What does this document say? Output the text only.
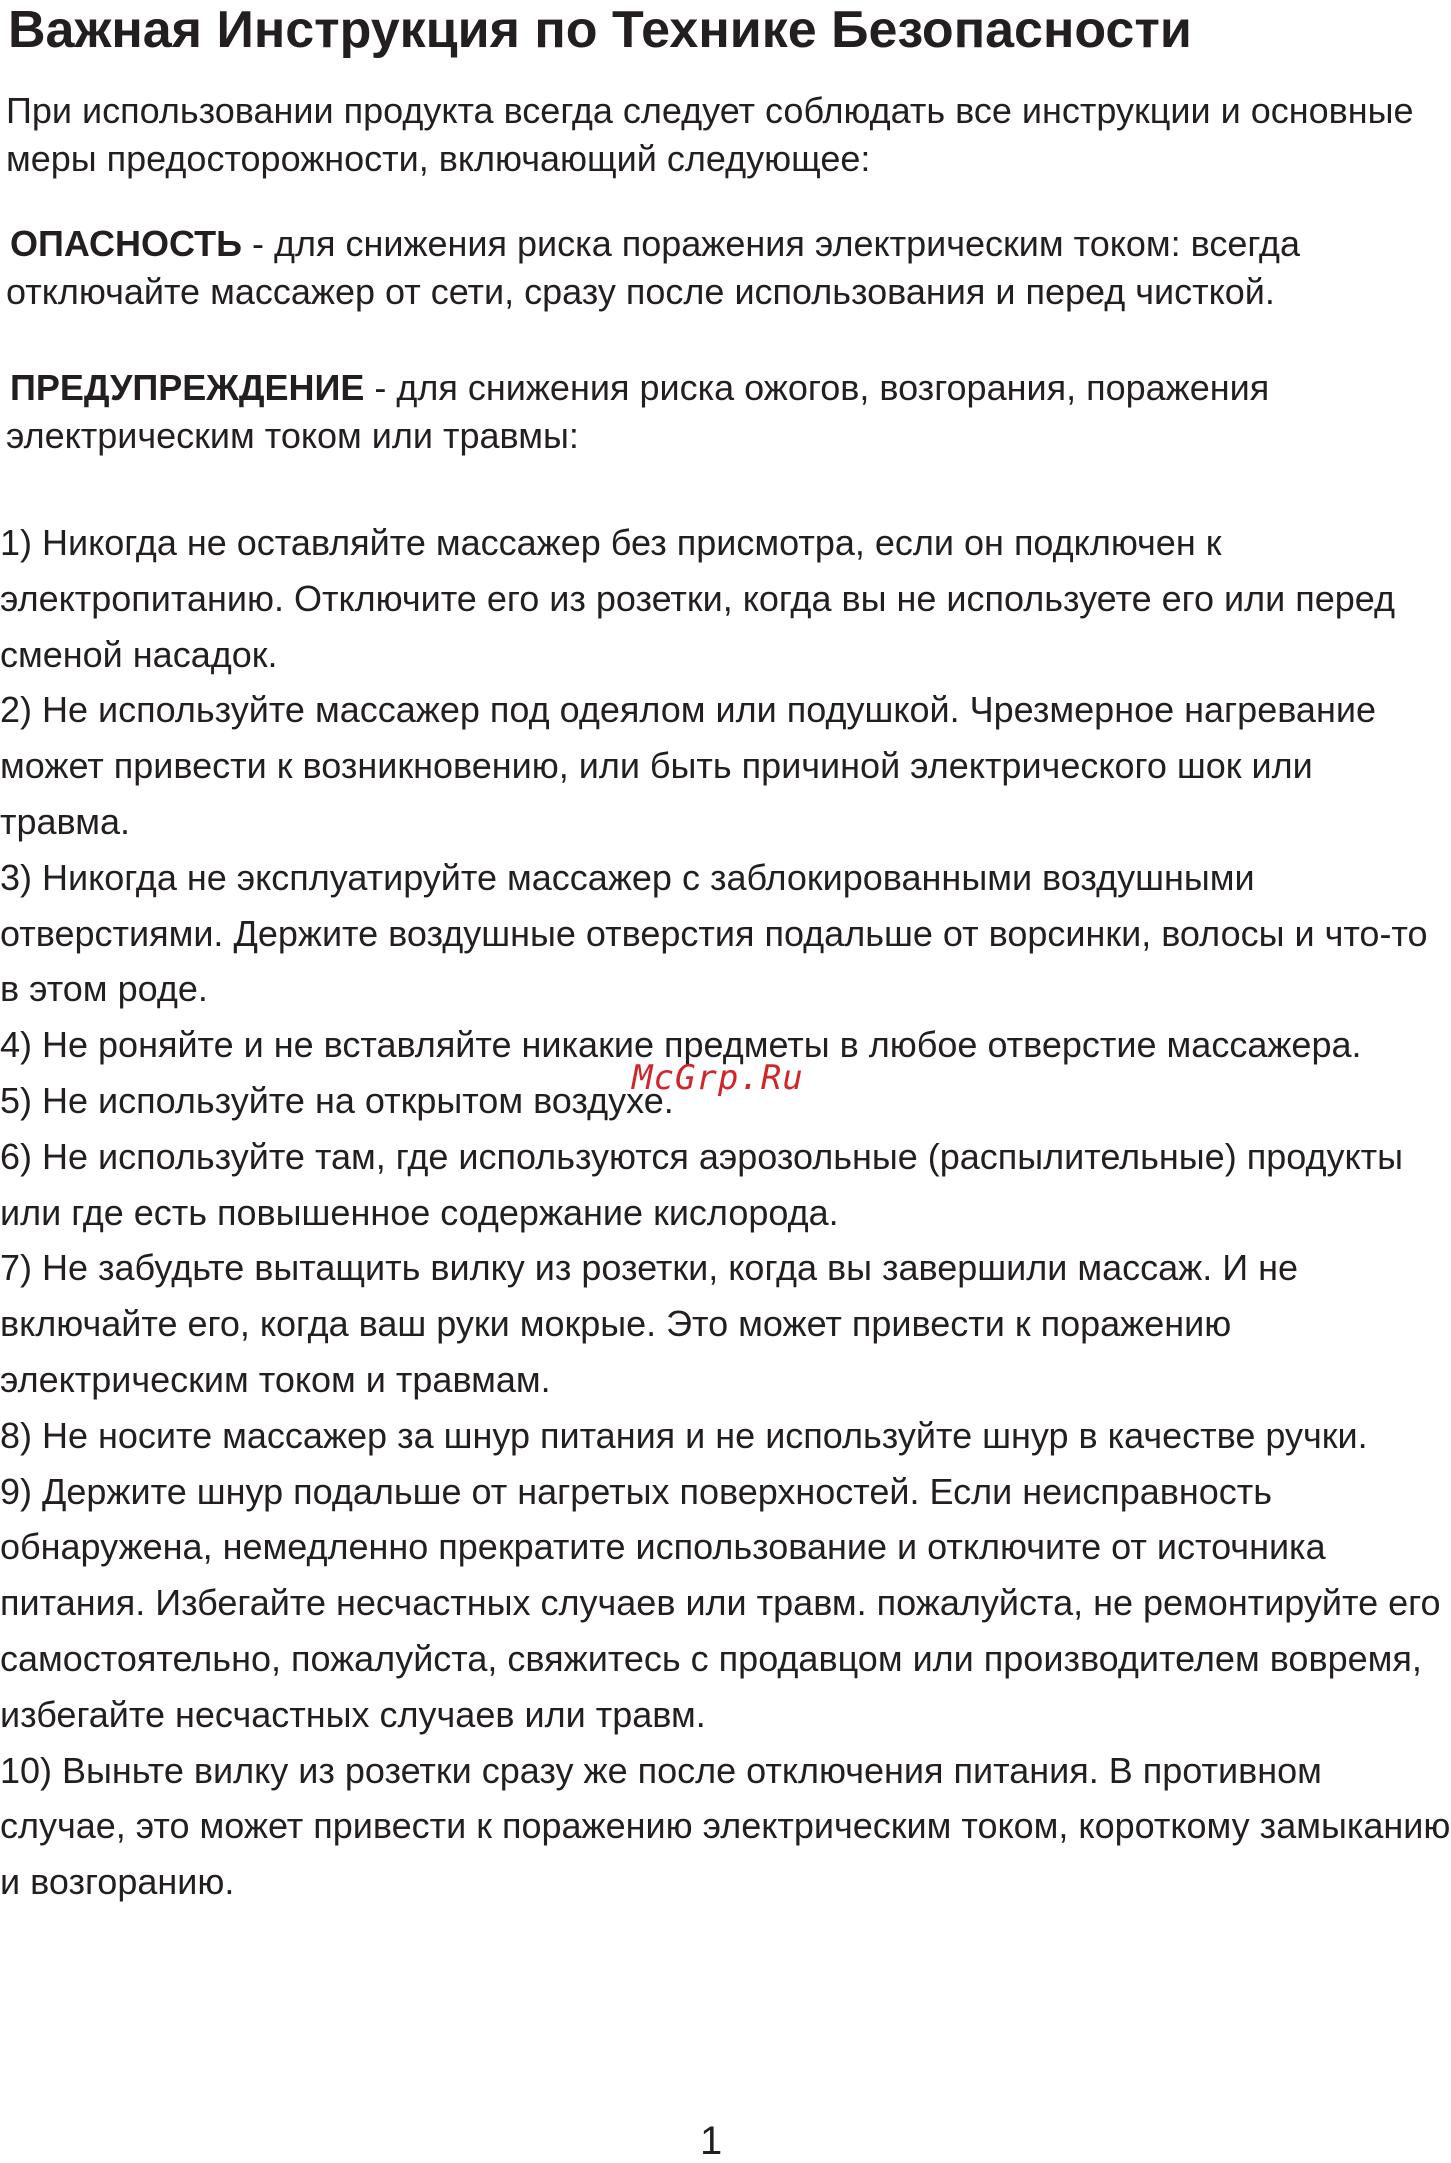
Важная Инструкция по Технике Безопасности
При использовании продукта всегда следует соблюдать все инструкции и основные меры предосторожности, включающий следующее:
ОПАСНОСТЬ - для снижения риска поражения электрическим током: всегда отключайте массажер от сети, сразу после использования и перед чисткой.
ПРЕДУПРЕЖДЕНИЕ - для снижения риска ожогов, возгорания, поражения электрическим током или травмы:
1) Никогда не оставляйте массажер без присмотра, если он подключен к электропитанию. Отключите его из розетки, когда вы не используете его или перед сменой насадок.
2) Не используйте массажер под одеялом или подушкой. Чрезмерное нагревание может привести к возникновению, или быть причиной электрического шок или травма.
3) Никогда не эксплуатируйте массажер с заблокированными воздушными отверстиями. Держите воздушные отверстия подальше от ворсинки, волосы и что-то в этом роде.
4) Не роняйте и не вставляйте никакие предметы в любое отверстие массажера.
5) Не используйте на открытом воздухе.
6) Не используйте там, где используются аэрозольные (распылительные) продукты или где есть повышенное содержание кислорода.
7) Не забудьте вытащить вилку из розетки, когда вы завершили массаж. И не включайте его, когда ваш руки мокрые. Это может привести к поражению электрическим током и травмам.
8) Не носите массажер за шнур питания и не используйте шнур в качестве ручки.
9) Держите шнур подальше от нагретых поверхностей. Если неисправность обнаружена, немедленно прекратите использование и отключите от источника питания. Избегайте несчастных случаев или травм. пожалуйста, не ремонтируйте его самостоятельно, пожалуйста, свяжитесь с продавцом или производителем вовремя, избегайте несчастных случаев или травм.
10) Выньте вилку из розетки сразу же после отключения питания. В противном случае, это может привести к поражению электрическим током, короткому замыканию и возгоранию.
McGrp.Ru
1
